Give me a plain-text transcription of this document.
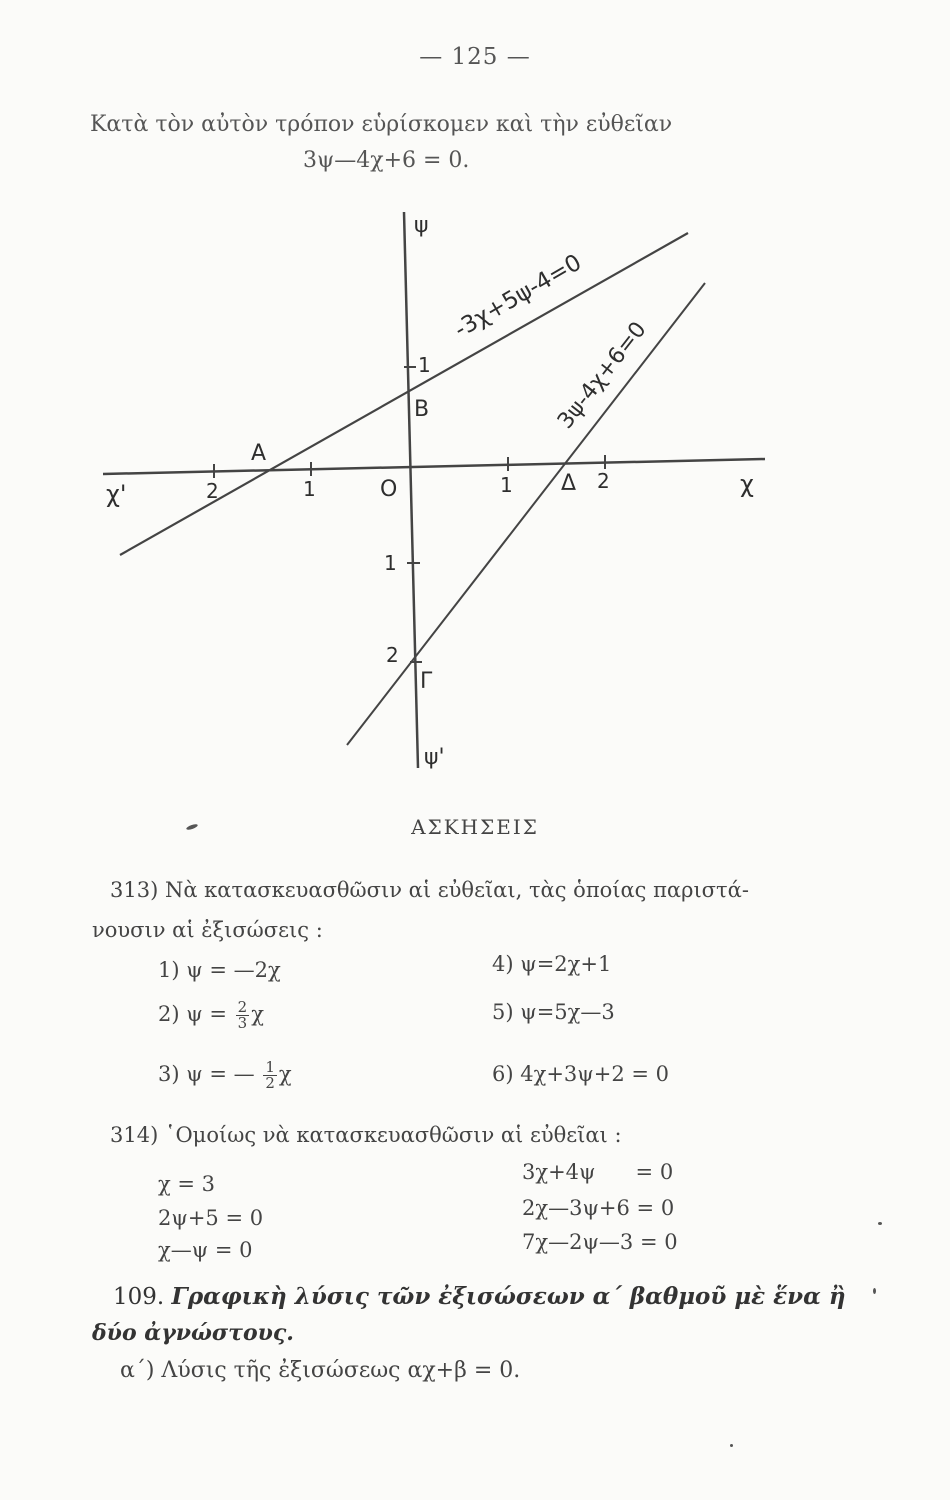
— 125 —
Κατὰ τὸν αὐτὸν τρόπον εὑρίσκομεν καὶ τὴν εὐθεῖαν
3ψ—4χ+6 = 0.
ψ
ψ'
χ'	χ
O
2	1	1	2
1
1
2
A
B
Γ
Δ
-3χ+5ψ-4=0
3ψ-4χ+6=0
ΑΣΚΗΣΕΙΣ
313) Νὰ κατασκευασθῶσιν αἱ εὐθεῖαι, τὰς ὁποίας παριστά-
νουσιν αἱ ἐξισώσεις :
1) ψ = —2χ
2) $\psi = \frac{2}{3}$ χ
3) ψ = — $\frac{1}{2}$ χ
4) ψ=2χ+1
5) ψ=5χ—3
6) 4χ+3ψ+2 = 0
314) ῾Ομοίως νὰ κατασκευασθῶσιν αἱ εὐθεῖαι :
χ = 3
2ψ+5 = 0
χ—ψ = 0
3χ+4ψ      = 0
2χ—3ψ+6 = 0
7χ—2ψ—3 = 0
109. Γραφικὴ λύσις τῶν ἐξισώσεων α΄ βαθμοῦ μὲ ἕνα ἢ
δύο ἀγνώστους.
α΄) Λύσις τῆς ἐξισώσεως αχ+β = 0.
